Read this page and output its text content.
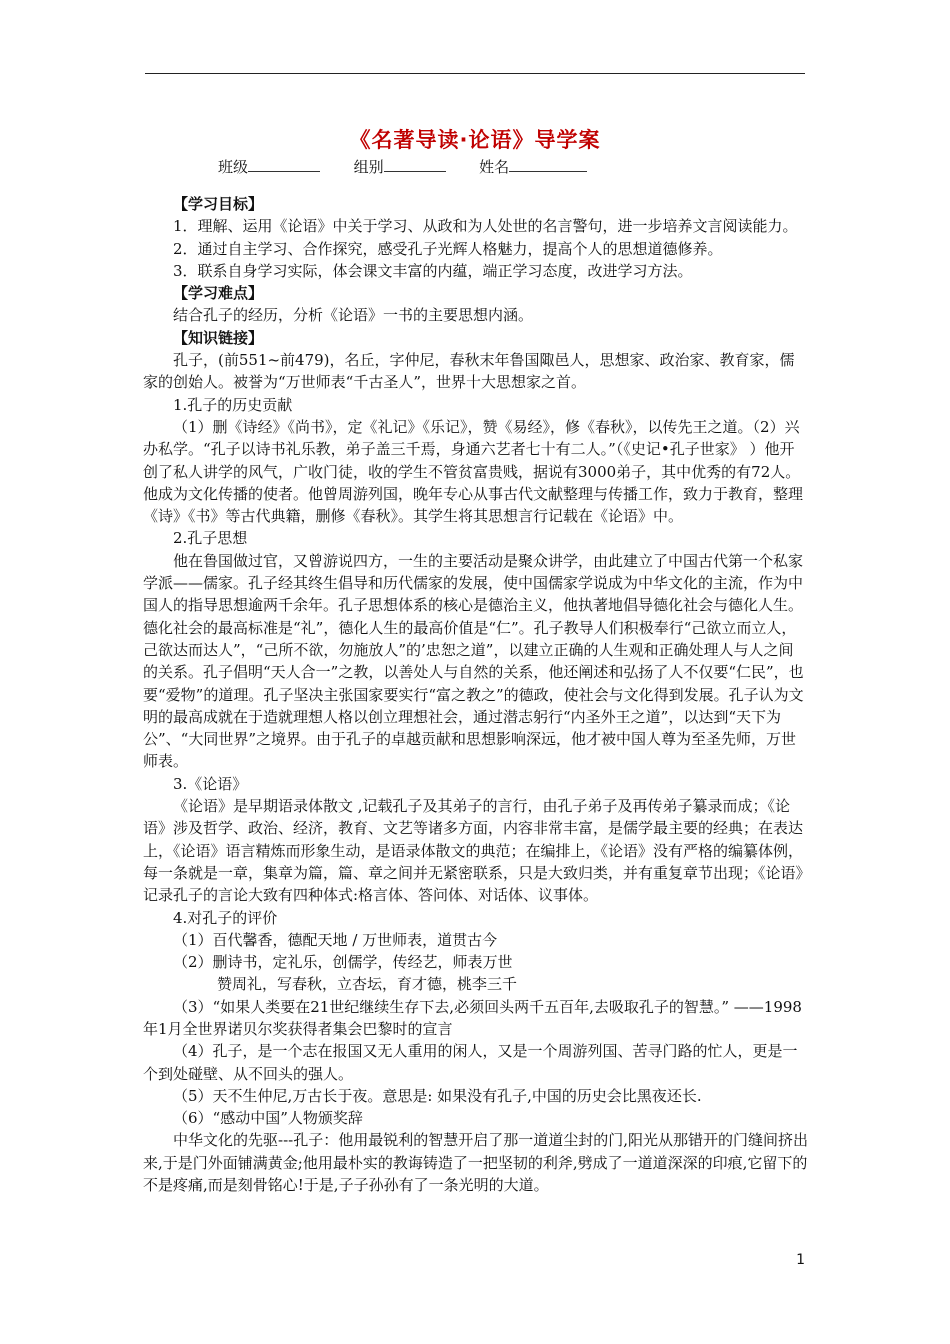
《名著导读·论语》导学案
班级	组别	姓名

【学习目标】

1．理解、运用《论语》中关于学习、从政和为人处世的名言警句，进一步培养文言阅读能力。

2．通过自主学习、合作探究，感受孔子光辉人格魅力，提高个人的思想道德修养。

3．联系自身学习实际，体会课文丰富的内蕴，端正学习态度，改进学习方法。

【学习难点】

结合孔子的经历，分析《论语》一书的主要思想内涵。

【知识链接】

孔子，(前551~前479)，名丘，字仲尼，春秋末年鲁国陬邑人，思想家、政治家、教育家，儒家的创始人。被誉为“万世师表“千古圣人”，世界十大思想家之首。

1.孔子的历史贡献

（1）删《诗经》《尚书》，定《礼记》《乐记》，赞《易经》，修《春秋》，以传先王之道。（2）兴办私学。“孔子以诗书礼乐教，弟子盖三千焉，身通六艺者七十有二人。”（《史记•孔子世家》 ）他开创了私人讲学的风气，广收门徒，收的学生不管贫富贵贱，据说有3000弟子，其中优秀的有72人。他成为文化传播的使者。他曾周游列国，晚年专心从事古代文献整理与传播工作，致力于教育，整理《诗》《书》等古代典籍，删修《春秋》。其学生将其思想言行记载在《论语》中。

2.孔子思想

他在鲁国做过官，又曾游说四方，一生的主要活动是聚众讲学，由此建立了中国古代第一个私家学派——儒家。孔子经其终生倡导和历代儒家的发展，使中国儒家学说成为中华文化的主流，作为中国人的指导思想逾两千余年。孔子思想体系的核心是德治主义，他执著地倡导德化社会与德化人生。德化社会的最高标准是“礼”，德化人生的最高价值是“仁”。孔子教导人们积极奉行“己欲立而立人，己欲达而达人”，“己所不欲，勿施放人”的’忠恕之道”，以建立正确的人生观和正确处理人与人之间的关系。孔子倡明“天人合一”之教，以善处人与自然的关系，他还阐述和弘扬了人不仅要“仁民”，也要“爱物”的道理。孔子坚决主张国家要实行“富之教之”的德政，使社会与文化得到发展。孔子认为文明的最高成就在于造就理想人格以创立理想社会，通过潜志躬行“内圣外王之道”，以达到“天下为公”、“大同世界”之境界。由于孔子的卓越贡献和思想影响深远，他才被中国人尊为至圣先师，万世师表。

3.《论语》

《论语》是早期语录体散文 ,记载孔子及其弟子的言行，由孔子弟子及再传弟子纂录而成；《论语》涉及哲学、政治、经济，教育、文艺等诸多方面，内容非常丰富，是儒学最主要的经典；在表达上，《论语》语言精炼而形象生动，是语录体散文的典范；在编排上，《论语》没有严格的编纂体例，每一条就是一章，集章为篇，篇、章之间并无紧密联系，只是大致归类，并有重复章节出现；《论语》记录孔子的言论大致有四种体式:格言体、答问体、对话体、议事体。

4.对孔子的评价

（1）百代馨香，德配天地 / 万世师表，道贯古今

（2）删诗书，定礼乐，创儒学，传经艺，师表万世

赞周礼，写春秋，立杏坛，育才德，桃李三千

（3）“如果人类要在21世纪继续生存下去,必须回头两千五百年,去吸取孔子的智慧。” ——1998年1月全世界诺贝尔奖获得者集会巴黎时的宣言

（4）孔子，是一个志在报国又无人重用的闲人，又是一个周游列国、苦寻门路的忙人，更是一个到处碰壁、从不回头的强人。

（5）天不生仲尼,万古长于夜。意思是: 如果没有孔子,中国的历史会比黑夜还长.

（6）“感动中国”人物颁奖辞

中华文化的先驱---孔子：他用最锐利的智慧开启了那一道道尘封的门,阳光从那错开的门缝间挤出来,于是门外面铺满黄金;他用最朴实的教诲铸造了一把坚韧的利斧,劈成了一道道深深的印痕,它留下的不是疼痛,而是刻骨铭心!于是,子子孙孙有了一条光明的大道。

1
